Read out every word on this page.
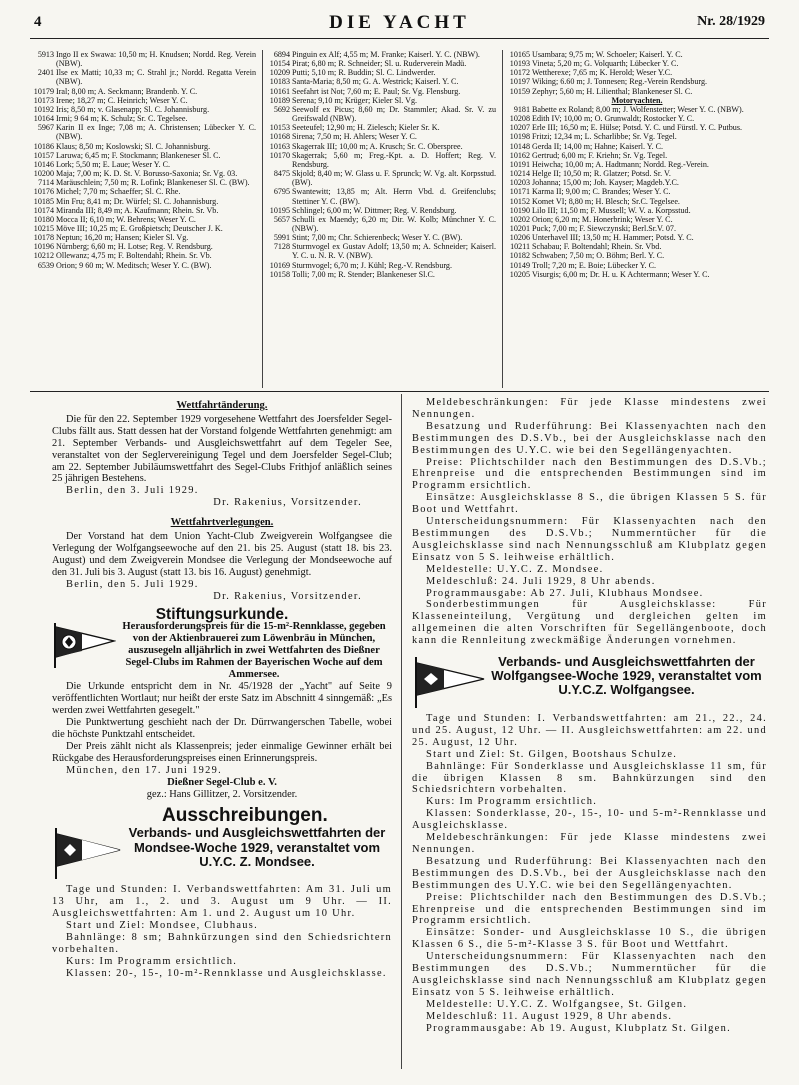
4	DIE YACHT	Nr. 28/1929
5913 Ingo II ex Swawa: 10,50 m; H. Knudsen; Nordd. Reg. Verein (NBW).
2401 Ilse ex Matti; 10,33 m; C. Strahl jr.; Nordd. Regatta Verein (NBW).
10179 Iral; 8,00 m; A. Seckmann; Brandenb. Y. C.
10173 Irene; 18,27 m; C. Heinrich; Weser Y. C.
10192 Iris; 8,50 m; v. Glasenapp; Sl. C. Johannisburg.
10164 Irmi; 9 64 m; K. Schulz; Sr. C. Tegelsee.
5967 Karin II ex Inge; 7,08 m; A. Christensen; Lübecker Y. C. (NBW).
10186 Klaus; 8,50 m; Koslowski; Sl. C. Johannisburg.
10157 Laruwa; 6,45 m; F. Stockmann; Blankeneser Sl. C.
10146 Lork; 5,50 m; E. Laue; Weser Y. C.
10200 Maja; 7,00 m; K. D. St. V. Borusso-Saxonia; Sr. Vg. 03.
7114 Maräuschlein; 7,50 m; R. Lofink; Blankeneser Sl. C. (BW).
10176 Michel; 7,70 m; Schaeffer; Sl. C. Rhe.
10185 Min Fru; 8,41 m; Dr. Würfel; Sl. C. Johannisburg.
10174 Miranda III; 8,49 m; A. Kaufmann; Rhein. Sr. Vb.
10180 Mocca II; 6,10 m; W. Behrens; Weser Y. C.
10215 Möve III; 10,25 m; E. Großpietsch; Deutscher J. K.
10178 Neptun; 16,20 m; Hansen; Kieler Sl. Vg.
10196 Nürnberg; 6,60 m; H. Lotse; Reg. V. Rendsburg.
10212 Ollewanz; 4,75 m; F. Boltendahl; Rhein. Sr. Vb.
6539 Orion; 9 60 m; W. Meditsch; Weser Y. C. (BW).
6894 Pinguin ex Alf; 4,55 m; M. Franke; Kaiserl. Y. C. (NBW).
10154 Pirat; 6,80 m; R. Schneider; Sl. u. Ruderverein Madü.
10209 Putti; 5,10 m; R. Buddin; Sl. C. Lindwerder.
10183 Santa-Maria; 8,50 m; G. A. Westrick; Kaiserl. Y. C.
10161 Seefahrt ist Not; 7,60 m; E. Paul; Sr. Vg. Flensburg.
10189 Serena; 9,10 m; Krüger; Kieler Sl. Vg.
5692 Seewolf ex Picus; 8,60 m; Dr. Stammler; Akad. Sr. V. zu Greifswald (NBW).
10153 Seeteufel; 12,90 m; H. Zielesch; Kieler Sr. K.
10168 Sirena; 7,50 m; H. Ahlers; Weser Y. C.
10163 Skagerrak III; 10,00 m; A. Krusch; Sr. C. Oberspree.
10170 Skagerrak; 5,60 m; Freg.-Kpt. a. D. Hoffert; Reg. V. Rendsburg.
8475 Skjold; 8,40 m; W. Glass u. F. Sprunck; W. Vg. alt. Korpsstud. (BW).
6795 Swantewitt; 13,85 m; Alt. Herrn Vbd. d. Greifenclubs; Stettiner Y. C. (BW).
10195 Schlingel; 6,00 m; W. Dittmer; Reg. V. Rendsburg.
5657 Schulli ex Maendy; 6,20 m; Dir. W. Kolb; Münchner Y. C. (NBW).
5991 Stint; 7,00 m; Chr. Schierenbeck; Weser Y. C. (BW).
7128 Sturmvogel ex Gustav Adolf; 13,50 m; A. Schneider; Kaiserl. Y. C. u. N. R. V. (NBW).
10169 Sturmvogel; 6,70 m; J. Kühl; Reg.-V. Rendsburg.
10158 Tolli; 7,00 m; R. Stender; Blankeneser Sl.C.
10165 Usambara; 9,75 m; W. Schoeler; Kaiserl. Y. C.
10193 Vineta; 5,20 m; G. Volquarth; Lübecker Y. C.
10172 Wettherexe; 7,65 m; K. Herold; Weser Y.C.
10197 Wiking; 6.60 m; J. Tonnesen; Reg.-Verein Rendsburg.
10159 Zephyr; 5,60 m; H. Lilienthal; Blankeneser Sl. C.
Motoryachten.
9181 Babette ex Roland; 8,00 m; J. Wolfenstetter; Weser Y. C. (NBW).
10208 Edith IV; 10,00 m; O. Grunwaldt; Rostocker Y. C.
10207 Erle III; 16,50 m; E. Hülse; Potsd. Y. C. und Fürstl. Y. C. Putbus.
10198 Fritzi; 12,34 m; L. Scharlibbe; Sr. Vg. Tegel.
10148 Gerda II; 14,00 m; Hahne; Kaiserl. Y. C.
10162 Gertrud; 6,00 m; F. Kriehn; Sr. Vg. Tegel.
10191 Heiwcha; 10,00 m; A. Hadtmann; Nordd. Reg.-Verein.
10214 Helge II; 10,50 m; R. Glatzer; Potsd. Sr. V.
10203 Johanna; 15,00 m; Joh. Kayser; Magdeb.Y.C.
10171 Karma II; 9,00 m; C. Brandes; Weser Y. C.
10152 Komet VI; 8,80 m; H. Blesch; Sr.C. Tegelsee.
10190 Lilo III; 11,50 m; F. Mussell; W. V. a. Korpsstud.
10202 Orion; 6,20 m; M. Honerbrink; Weser Y. C.
10201 Puck; 7,00 m; F. Siewczynski; Berl.Sr.V. 07.
10206 Unterhavel III; 13,50 m; H. Hammer; Potsd. Y. C.
10211 Schabau; F. Boltendahl; Rhein. Sr. Vbd.
10182 Schwaben; 7,50 m; O. Böhm; Berl. Y. C.
10149 Troll; 7,20 m; E. Boie; Lübecker Y. C.
10205 Visurgis; 6,00 m; Dr. H. u. K Achtermann; Weser Y. C.
Wettfahrtänderung.

Die für den 22. September 1929 vorgesehene Wettfahrt des Joersfelder Segel-Clubs fällt aus. Statt dessen hat der Vorstand folgende Wettfahrten genehmigt: am 21. September Verbands- und Ausgleichswettfahrt auf dem Tegeler See, veranstaltet von der Seglervereinigung Tegel und dem Joersfelder Segel-Club; am 22. September Jubiläumswettfahrt des Segel-Clubs Frithjof anläßlich seines 25 jährigen Bestehens.

Berlin, den 3. Juli 1929.

Dr. Rakenius, Vorsitzender.

Wettfahrtverlegungen.

Der Vorstand hat dem Union Yacht-Club Zweigverein Wolfgangsee die Verlegung der Wolfgangseewoche auf den 21. bis 25. August (statt 18. bis 23. August) und dem Zweigverein Mondsee die Verlegung der Mondseewoche auf den 31. Juli bis 3. August (statt 13. bis 16. August) genehmigt.

Berlin, den 5. Juli 1929.

Dr. Rakenius, Vorsitzender.

Stiftungsurkunde.
Herausforderungspreis für die 15-m²-Rennklasse, gegeben von der Aktienbrauerei zum Löwenbräu in München, auszusegeln alljährlich in zwei Wettfahrten des Dießner Segel-Clubs im Rahmen der Bayerischen Woche auf dem Ammersee.

Die Urkunde entspricht dem in Nr. 45/1928 der „Yacht" auf Seite 9 veröffentlichten Wortlaut; nur heißt der erste Satz im Abschnitt 4 sinngemäß: „Es werden zwei Wettfahrten gesegelt."

Die Punktwertung geschieht nach der Dr. Dürrwangerschen Tabelle, wobei die höchste Punktzahl entscheidet.

Der Preis zählt nicht als Klassenpreis; jeder einmalige Gewinner erhält bei Rückgabe des Herausforderungspreises einen Erinnerungspreis.

München, den 17. Juni 1929.

Dießner Segel-Club e. V.

gez.: Hans Gillitzer, 2. Vorsitzender.

Ausschreibungen.
Verbands- und Ausgleichswettfahrten der Mondsee-Woche 1929, veranstaltet vom U.Y.C. Z. Mondsee.

Tage und Stunden: I. Verbandswettfahrten: Am 31. Juli um 13 Uhr, am 1., 2. und 3. August um 9 Uhr. — II. Ausgleichswettfahrten: Am 1. und 2. August um 10 Uhr.

Start und Ziel: Mondsee, Clubhaus.

Bahnlänge: 8 sm; Bahnkürzungen sind den Schiedsrichtern vorbehalten.

Kurs: Im Programm ersichtlich.

Klassen: 20-, 15-, 10-m²-Rennklasse und Ausgleichsklasse.

Meldebeschränkungen: Für jede Klasse mindestens zwei Nennungen.

Besatzung und Ruderführung: Bei Klassenyachten nach den Bestimmungen des D.S.Vb., bei der Ausgleichsklasse nach den Bestimmungen des U.Y.C. wie bei den Segellängenyachten.

Preise: Plichtschilder nach den Bestimmungen des D.S.Vb.; Ehrenpreise und die entsprechenden Bestimmungen sind im Programm ersichtlich.

Einsätze: Ausgleichsklasse 8 S., die übrigen Klassen 5 S. für Boot und Wettfahrt.

Unterscheidungsnummern: Für Klassenyachten nach den Bestimmungen des D.S.Vb.; Nummerntücher für die Ausgleichsklasse sind nach Nennungsschluß am Klubplatz gegen Einsatz von 5 S. leihweise erhältlich.

Meldestelle: U.Y.C. Z. Mondsee.

Meldeschluß: 24. Juli 1929, 8 Uhr abends.

Programmausgabe: Ab 27. Juli, Klubhaus Mondsee.

Sonderbestimmungen für Ausgleichsklasse: Für Klasseneinteilung, Vergütung und dergleichen gelten im allgemeinen die alten Vorschriften für Segellängenboote, doch kann die Rennleitung zweckmäßige Änderungen vornehmen.

Verbands- und Ausgleichswettfahrten der Wolfgangsee-Woche 1929, veranstaltet vom U.Y.C.Z. Wolfgangsee.

Tage und Stunden: I. Verbandswettfahrten: am 21., 22., 24. und 25. August, 12 Uhr. — II. Ausgleichswettfahrten: am 22. und 25. August, 12 Uhr.

Start und Ziel: St. Gilgen, Bootshaus Schulze.

Bahnlänge: Für Sonderklasse und Ausgleichsklasse 11 sm, für die übrigen Klassen 8 sm. Bahnkürzungen sind den Schiedsrichtern vorbehalten.

Kurs: Im Programm ersichtlich.

Klassen: Sonderklasse, 20-, 15-, 10- und 5-m²-Rennklasse und Ausgleichsklasse.

Meldebeschränkungen: Für jede Klasse mindestens zwei Nennungen.

Besatzung und Ruderführung: Bei Klassenyachten nach den Bestimmungen des D.S.Vb., bei der Ausgleichsklasse nach den Bestimmungen des U.Y.C. wie bei den Segellängenyachten.

Preise: Plichtschilder nach den Bestimmungen des D.S.Vb.; Ehrenpreise und die entsprechenden Bestimmungen sind im Programm ersichtlich.

Einsätze: Sonder- und Ausgleichsklasse 10 S., die übrigen Klassen 6 S., die 5-m²-Klasse 3 S. für Boot und Wettfahrt.

Unterscheidungsnummern: Für Klassenyachten nach den Bestimmungen des D.S.Vb.; Nummerntücher für die Ausgleichsklasse sind nach Nennungsschluß am Klubplatz gegen Einsatz von 5 S. leihweise erhältlich.

Meldestelle: U.Y.C. Z. Wolfgangsee, St. Gilgen.

Meldeschluß: 11. August 1929, 8 Uhr abends.

Programmausgabe: Ab 19. August, Klubplatz St. Gilgen.
